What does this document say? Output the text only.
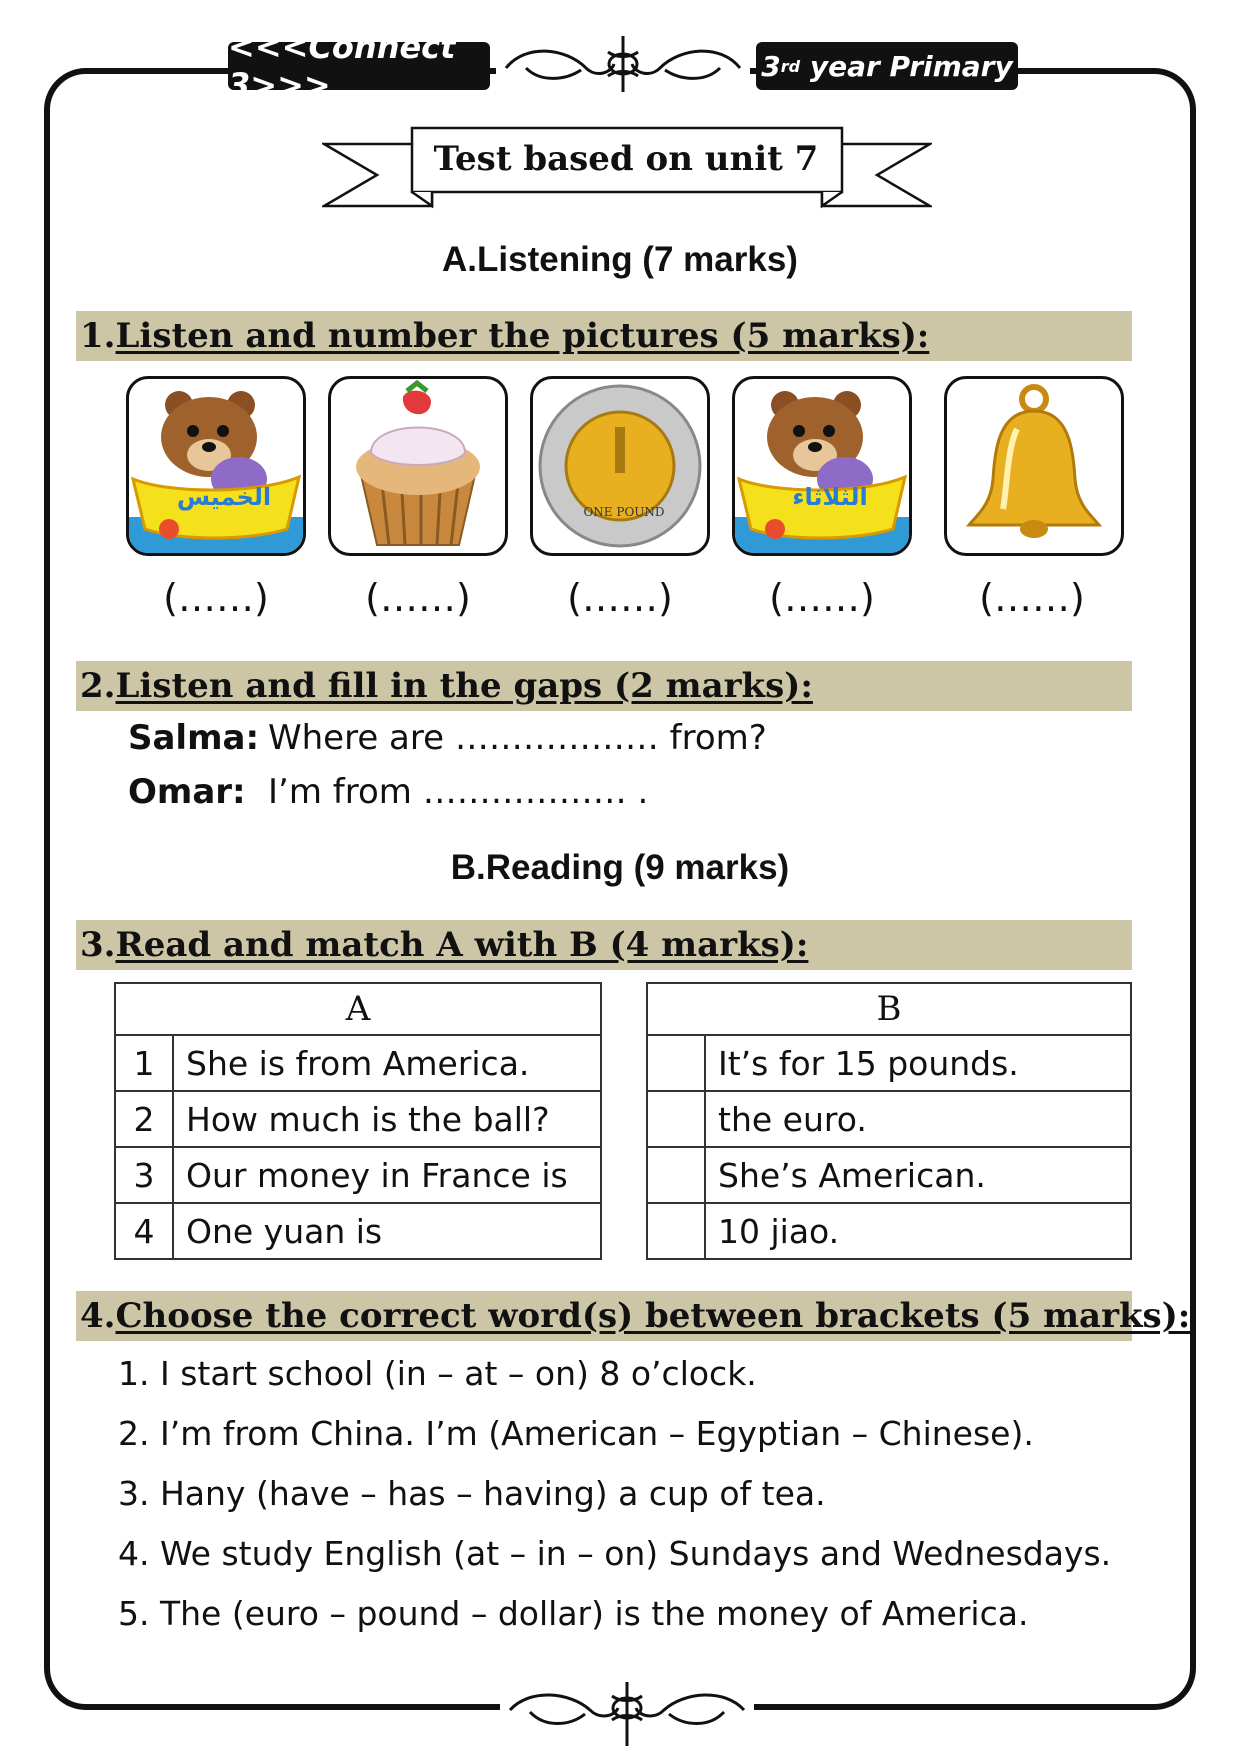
<<<Connect 3>>>	3 rd year Primary
Test based on unit 7
A.Listening (7 marks)
1. Listen and number the pictures (5 marks):
الخميس
ONE POUND
الثلاثاء
(……)	(……)	(……)	(……)	(……)
2. Listen and fill in the gaps (2 marks):
Salma: Where are ……………… from?
Omar: I’m from ……………… .
B.Reading (9 marks)
3. Read and match A with B (4 marks):
A	
1	She is from America.
2	How much is the ball?
3	Our money in France is
4	One yuan is
B	
	It’s for 15 pounds.
	the euro.
	She’s American.
	10 jiao.
4. Choose the correct word(s) between brackets (5 marks):
1. I start school (in – at – on) 8 o’clock.
2. I’m from China. I’m (American – Egyptian – Chinese).
3. Hany (have – has – having) a cup of tea.
4. We study English (at – in – on) Sundays and Wednesdays.
5. The (euro – pound – dollar) is the money of America.
